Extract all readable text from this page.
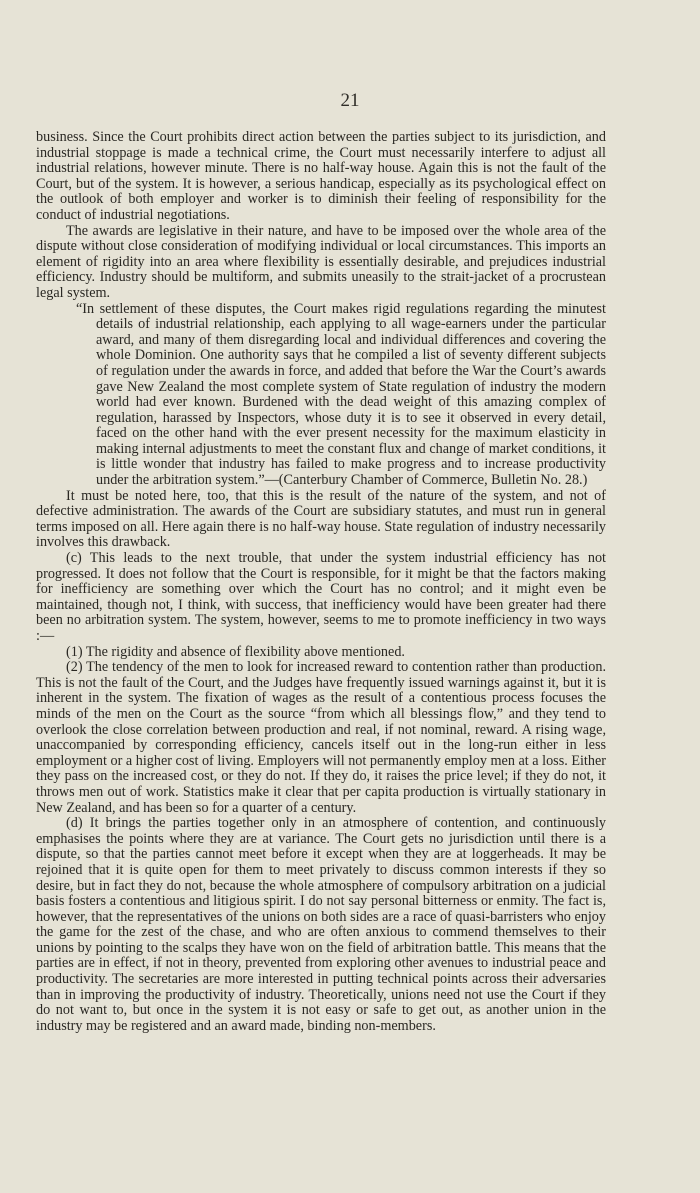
21

business. Since the Court prohibits direct action between the parties subject to its jurisdiction, and industrial stoppage is made a technical crime, the Court must necessarily interfere to adjust all industrial relations, however minute. There is no half-way house. Again this is not the fault of the Court, but of the system. It is however, a serious handicap, especially as its psychological effect on the outlook of both employer and worker is to diminish their feeling of responsibility for the conduct of industrial negotiations.

The awards are legislative in their nature, and have to be imposed over the whole area of the dispute without close consideration of modifying individual or local circumstances. This imports an element of rigidity into an area where flexibility is essentially desirable, and prejudices industrial efficiency. Industry should be multiform, and submits uneasily to the strait-jacket of a procrustean legal system.

“In settlement of these disputes, the Court makes rigid regulations regarding the minutest details of industrial relationship, each applying to all wage-earners under the particular award, and many of them disregarding local and individual differences and covering the whole Dominion. One authority says that he compiled a list of seventy different subjects of regulation under the awards in force, and added that before the War the Court’s awards gave New Zealand the most complete system of State regulation of industry the modern world had ever known. Burdened with the dead weight of this amazing complex of regulation, harassed by Inspectors, whose duty it is to see it observed in every detail, faced on the other hand with the ever present necessity for the maximum elasticity in making internal adjustments to meet the constant flux and change of market conditions, it is little wonder that industry has failed to make progress and to increase productivity under the arbitration system.”—(Canterbury Chamber of Commerce, Bulletin No. 28.)

It must be noted here, too, that this is the result of the nature of the system, and not of defective administration. The awards of the Court are subsidiary statutes, and must run in general terms imposed on all. Here again there is no half-way house. State regulation of industry necessarily involves this drawback.

(c) This leads to the next trouble, that under the system industrial efficiency has not progressed. It does not follow that the Court is responsible, for it might be that the factors making for inefficiency are something over which the Court has no control; and it might even be maintained, though not, I think, with success, that inefficiency would have been greater had there been no arbitration system. The system, however, seems to me to promote inefficiency in two ways :—

(1) The rigidity and absence of flexibility above mentioned.

(2) The tendency of the men to look for increased reward to contention rather than production. This is not the fault of the Court, and the Judges have frequently issued warnings against it, but it is inherent in the system. The fixation of wages as the result of a contentious process focuses the minds of the men on the Court as the source “from which all blessings flow,” and they tend to overlook the close correlation between production and real, if not nominal, reward. A rising wage, unaccompanied by corresponding efficiency, cancels itself out in the long-run either in less employment or a higher cost of living. Employers will not permanently employ men at a loss. Either they pass on the increased cost, or they do not. If they do, it raises the price level; if they do not, it throws men out of work. Statistics make it clear that per capita production is virtually stationary in New Zealand, and has been so for a quarter of a century.

(d) It brings the parties together only in an atmosphere of contention, and continuously emphasises the points where they are at variance. The Court gets no jurisdiction until there is a dispute, so that the parties cannot meet before it except when they are at loggerheads. It may be rejoined that it is quite open for them to meet privately to discuss common interests if they so desire, but in fact they do not, because the whole atmosphere of compulsory arbitration on a judicial basis fosters a contentious and litigious spirit. I do not say personal bitterness or enmity. The fact is, however, that the representatives of the unions on both sides are a race of quasi-barristers who enjoy the game for the zest of the chase, and who are often anxious to commend themselves to their unions by pointing to the scalps they have won on the field of arbitration battle. This means that the parties are in effect, if not in theory, prevented from exploring other avenues to industrial peace and productivity. The secretaries are more interested in putting technical points across their adversaries than in improving the productivity of industry. Theoretically, unions need not use the Court if they do not want to, but once in the system it is not easy or safe to get out, as another union in the industry may be registered and an award made, binding non-members.
